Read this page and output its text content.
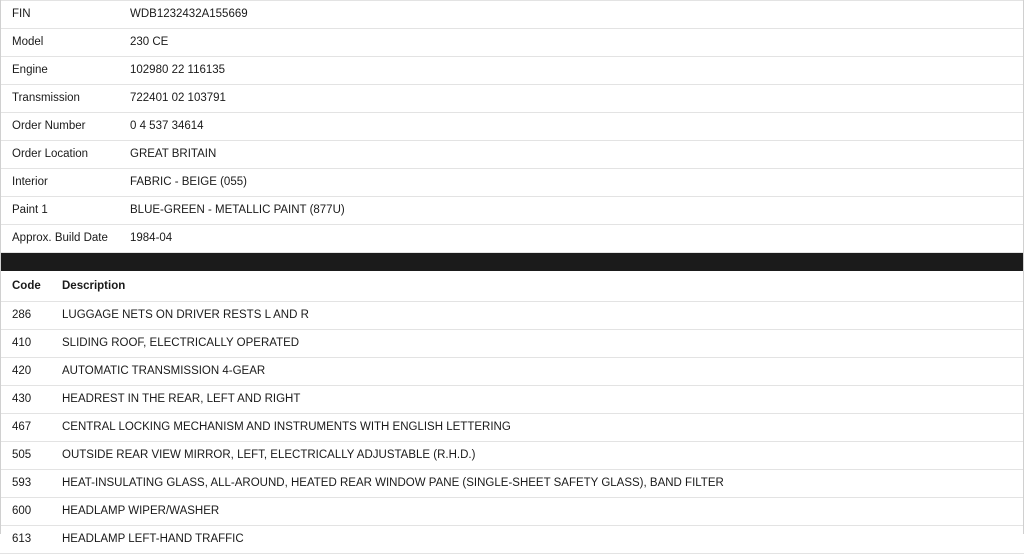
FIN	WDB1232432A155669
Model	230 CE
Engine	102980 22 116135
Transmission	722401 02 103791
Order Number	0 4 537 34614
Order Location	GREAT BRITAIN
Interior	FABRIC - BEIGE (055)
Paint 1	BLUE-GREEN - METALLIC PAINT (877U)
Approx. Build Date	1984-04
Code	Description
286	LUGGAGE NETS ON DRIVER RESTS L AND R
410	SLIDING ROOF, ELECTRICALLY OPERATED
420	AUTOMATIC TRANSMISSION 4-GEAR
430	HEADREST IN THE REAR, LEFT AND RIGHT
467	CENTRAL LOCKING MECHANISM AND INSTRUMENTS WITH ENGLISH LETTERING
505	OUTSIDE REAR VIEW MIRROR, LEFT, ELECTRICALLY ADJUSTABLE (R.H.D.)
593	HEAT-INSULATING GLASS, ALL-AROUND, HEATED REAR WINDOW PANE (SINGLE-SHEET SAFETY GLASS), BAND FILTER
600	HEADLAMP WIPER/WASHER
613	HEADLAMP LEFT-HAND TRAFFIC
